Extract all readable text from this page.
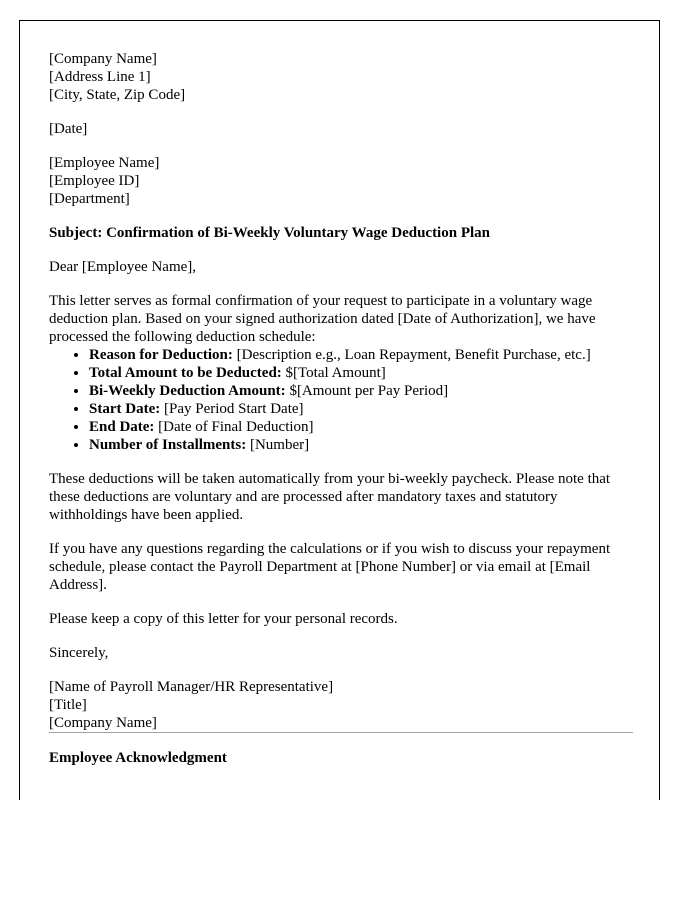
[Company Name]
[Address Line 1]
[City, State, Zip Code]
[Date]
[Employee Name]
[Employee ID]
[Department]

Subject: Confirmation of Bi-Weekly Voluntary Wage Deduction Plan

Dear [Employee Name],

This letter serves as formal confirmation of your request to participate in a voluntary wage deduction plan. Based on your signed authorization dated [Date of Authorization], we have processed the following deduction schedule:

• Reason for Deduction: [Description e.g., Loan Repayment, Benefit Purchase, etc.]
• Total Amount to be Deducted: $[Total Amount]
• Bi-Weekly Deduction Amount: $[Amount per Pay Period]
• Start Date: [Pay Period Start Date]
• End Date: [Date of Final Deduction]
• Number of Installments: [Number]

These deductions will be taken automatically from your bi-weekly paycheck. Please note that these deductions are voluntary and are processed after mandatory taxes and statutory withholdings have been applied.

If you have any questions regarding the calculations or if you wish to discuss your repayment schedule, please contact the Payroll Department at [Phone Number] or via email at [Email Address].

Please keep a copy of this letter for your personal records.

Sincerely,

[Name of Payroll Manager/HR Representative]
[Title]
[Company Name]

Employee Acknowledgment
